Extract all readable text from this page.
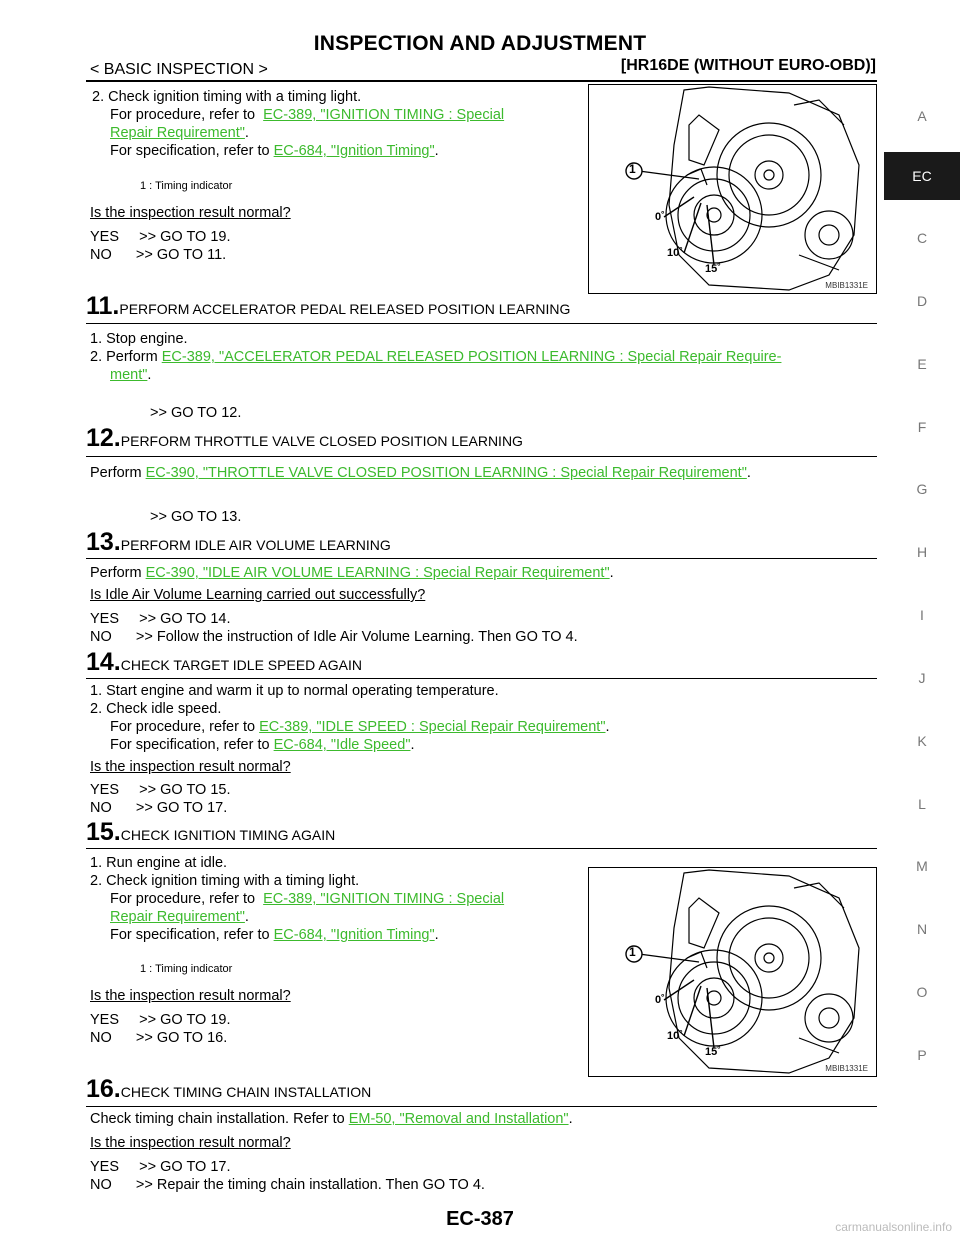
INSPECTION AND ADJUSTMENT
< BASIC INSPECTION >	[HR16DE (WITHOUT EURO-OBD)]
A
EC
C
D
E
F
G
H
I
J
K
L
M
N
O
P
2. Check ignition timing with a timing light.
For procedure, refer to EC-389, "IGNITION TIMING : Special
Repair Requirement".
For specification, refer to EC-684, "Ignition Timing".
1 : Timing indicator
Is the inspection result normal?
YES     >> GO TO 19.
NO      >> GO TO 11.
1
0˚
10˚
15˚
MBIB1331E
11.PERFORM ACCELERATOR PEDAL RELEASED POSITION LEARNING
1. Stop engine.
2. Perform EC-389, "ACCELERATOR PEDAL RELEASED POSITION LEARNING : Special Repair Require-
ment".
>> GO TO 12.
12.PERFORM THROTTLE VALVE CLOSED POSITION LEARNING
Perform EC-390, "THROTTLE VALVE CLOSED POSITION LEARNING : Special Repair Requirement".
>> GO TO 13.
13.PERFORM IDLE AIR VOLUME LEARNING
Perform EC-390, "IDLE AIR VOLUME LEARNING : Special Repair Requirement".
Is Idle Air Volume Learning carried out successfully?
YES     >> GO TO 14.
NO      >> Follow the instruction of Idle Air Volume Learning. Then GO TO 4.
14.CHECK TARGET IDLE SPEED AGAIN
1. Start engine and warm it up to normal operating temperature.
2. Check idle speed.
For procedure, refer to EC-389, "IDLE SPEED : Special Repair Requirement".
For specification, refer to EC-684, "Idle Speed".
Is the inspection result normal?
YES     >> GO TO 15.
NO      >> GO TO 17.
15.CHECK IGNITION TIMING AGAIN
1. Run engine at idle.
2. Check ignition timing with a timing light.
For procedure, refer to EC-389, "IGNITION TIMING : Special
Repair Requirement".
For specification, refer to EC-684, "Ignition Timing".
1 : Timing indicator
Is the inspection result normal?
YES     >> GO TO 19.
NO      >> GO TO 16.
1
0˚
10˚
15˚
MBIB1331E
16.CHECK TIMING CHAIN INSTALLATION
Check timing chain installation. Refer to EM-50, "Removal and Installation".
Is the inspection result normal?
YES     >> GO TO 17.
NO      >> Repair the timing chain installation. Then GO TO 4.
EC-387	carmanualsonline.info
